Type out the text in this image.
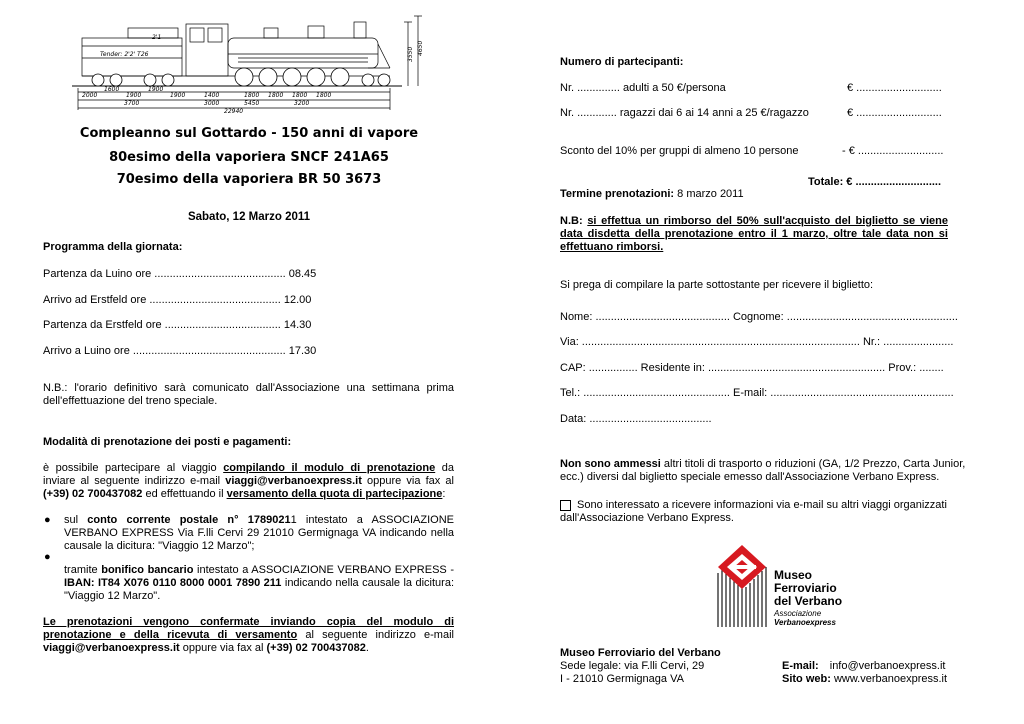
2'1
Tender: 2'2' T26	3550 4650
2000
1600
1900
1900
1900	1400	1800 1800 1800 1800
3700	3000	5450	3200
22940
Compleanno sul Gottardo - 150 anni di vapore
80esimo della vaporiera SNCF 241A65
70esimo della vaporiera BR 50 3673
Sabato, 12 Marzo 2011
Programma della giornata:
Partenza da Luino ore ........................................... 08.45
Arrivo ad Erstfeld ore ........................................... 12.00
Partenza da Erstfeld ore ...................................... 14.30
Arrivo a Luino ore .................................................. 17.30
N.B.: l'orario definitivo sarà comunicato dall'Associazione una settimana prima dell'effettuazione del treno speciale.
Modalità di prenotazione dei posti e pagamenti:
è possibile partecipare al viaggio compilando il modulo di prenotazione da inviare al seguente indirizzo e-mail viaggi@verbanoexpress.it oppure via fax al (+39) 02 700437082 ed effettuando il versamento della quota di partecipazione:
● sul conto corrente postale n° 17890211 intestato a ASSOCIAZIONE VERBANO EXPRESS Via F.lli Cervi 29 21010 Germignaga VA indicando nella causale la dicitura: "Viaggio 12 Marzo";
●
tramite bonifico bancario intestato a ASSOCIAZIONE VERBANO EXPRESS - IBAN: IT84 X076 0110 8000 0001 7890 211 indicando nella causale la dicitura: "Viaggio 12 Marzo".
Le prenotazioni vengono confermate inviando copia del modulo di prenotazione e della ricevuta di versamento al seguente indirizzo e-mail viaggi@verbanoexpress.it oppure via fax al (+39) 02 700437082.
Numero di partecipanti:
Nr. .............. adulti a 50 €/persona	€ ............................
Nr. ............. ragazzi dai 6 ai 14 anni a 25 €/ragazzo	€ ............................
Sconto del 10% per gruppi di almeno 10 persone	- € ............................
Totale: € ............................
Termine prenotazioni: 8 marzo 2011
N.B: si effettua un rimborso del 50% sull'acquisto del biglietto se viene data disdetta della prenotazione entro il 1 marzo, oltre tale data non si effettuano rimborsi.
Si prega di compilare la parte sottostante per ricevere il biglietto:
Nome: ............................................ Cognome: ........................................................
Via: ........................................................................................... Nr.: .......................
CAP: ................ Residente in: .......................................................... Prov.: ........
Tel.: ................................................ E-mail: ............................................................
Data: ........................................
Non sono ammessi altri titoli di trasporto o riduzioni (GA, 1/2 Prezzo, Carta Junior, ecc.) diversi dal biglietto speciale emesso dall'Associazione Verbano Express.
Sono interessato a ricevere informazioni via e-mail su altri viaggi organizzati dall'Associazione Verbano Express.
Museo
Ferroviario
del Verbano
Associazione
Verbanoexpress
Museo Ferroviario del Verbano
Sede legale: via F.lli Cervi, 29
I - 21010 Germignaga VA
E-mail: info@verbanoexpress.it
Sito web: www.verbanoexpress.it
